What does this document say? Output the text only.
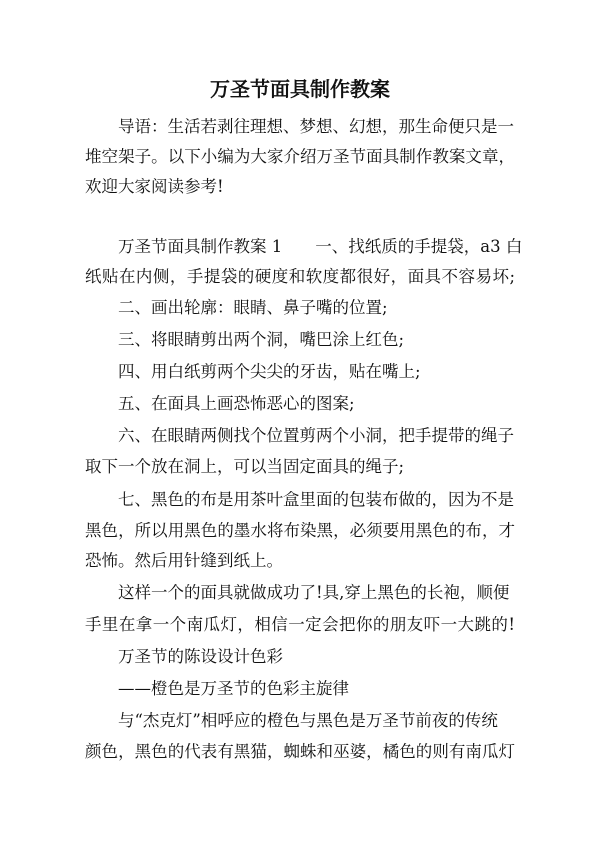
万圣节面具制作教案

导语：生活若剥往理想、梦想、幻想，那生命便只是一

堆空架子。以下小编为大家介绍万圣节面具制作教案文章，

欢迎大家阅读参考!

万圣节面具制作教案 1　　一、找纸质的手提袋，a3 白

纸贴在内侧，手提袋的硬度和软度都很好，面具不容易坏;

二、画出轮廓：眼睛、鼻子嘴的位置;

三、将眼睛剪出两个洞，嘴巴涂上红色;

四、用白纸剪两个尖尖的牙齿，贴在嘴上;

五、在面具上画恐怖恶心的图案;

六、在眼睛两侧找个位置剪两个小洞，把手提带的绳子

取下一个放在洞上，可以当固定面具的绳子;

七、黑色的布是用茶叶盒里面的包装布做的，因为不是

黑色，所以用黑色的墨水将布染黑，必须要用黑色的布，才

恐怖。然后用针缝到纸上。

这样一个的面具就做成功了!具,穿上黑色的长袍，顺便

手里在拿一个南瓜灯，相信一定会把你的朋友吓一大跳的!

万圣节的陈设设计色彩

——橙色是万圣节的色彩主旋律

与“杰克灯”相呼应的橙色与黑色是万圣节前夜的传统

颜色，黑色的代表有黑猫，蜘蛛和巫婆，橘色的则有南瓜灯
